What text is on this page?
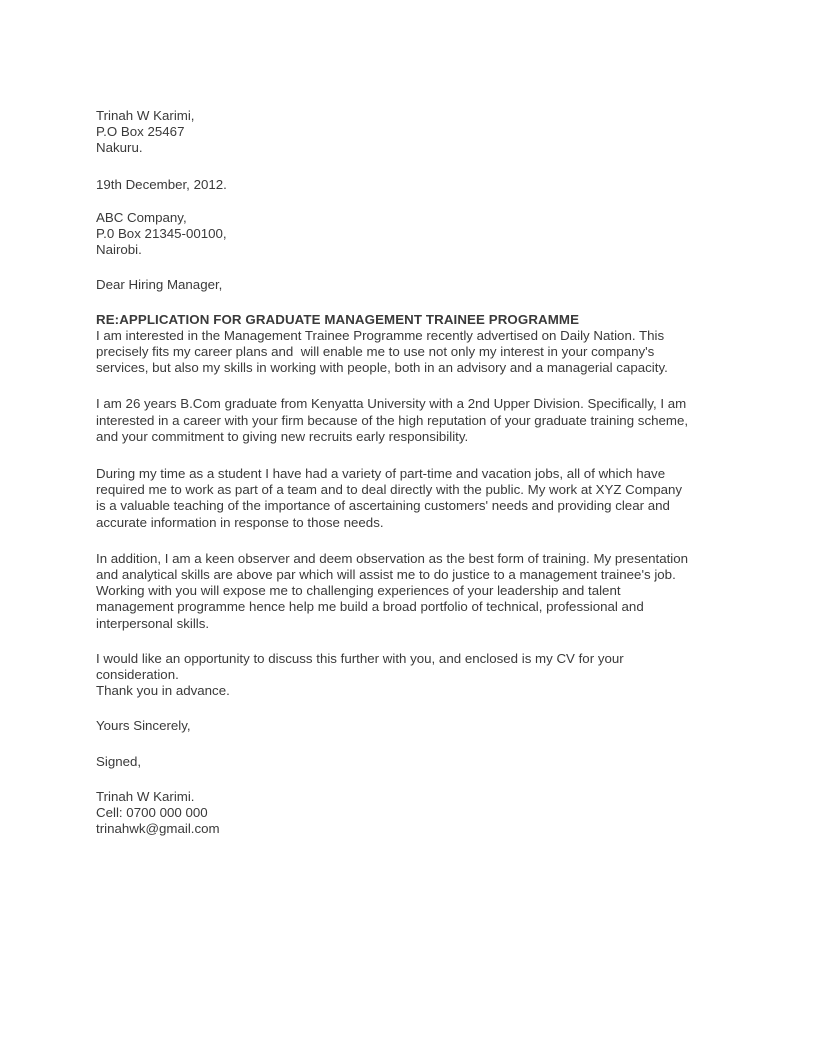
Trinah W Karimi,
P.O Box 25467
Nakuru.
19th December, 2012.
ABC Company,
P.0 Box 21345-00100,
Nairobi.
Dear Hiring Manager,
RE:APPLICATION FOR GRADUATE MANAGEMENT TRAINEE PROGRAMME
I am interested in the Management Trainee Programme recently advertised on Daily Nation. This
precisely fits my career plans and  will enable me to use not only my interest in your company's
services, but also my skills in working with people, both in an advisory and a managerial capacity.
I am 26 years B.Com graduate from Kenyatta University with a 2nd Upper Division. Specifically, I am
interested in a career with your firm because of the high reputation of your graduate training scheme,
and your commitment to giving new recruits early responsibility.
During my time as a student I have had a variety of part-time and vacation jobs, all of which have
required me to work as part of a team and to deal directly with the public. My work at XYZ Company
is a valuable teaching of the importance of ascertaining customers' needs and providing clear and
accurate information in response to those needs.
In addition, I am a keen observer and deem observation as the best form of training. My presentation
and analytical skills are above par which will assist me to do justice to a management trainee's job.
Working with you will expose me to challenging experiences of your leadership and talent
management programme hence help me build a broad portfolio of technical, professional and
interpersonal skills.
I would like an opportunity to discuss this further with you, and enclosed is my CV for your
consideration.
Thank you in advance.
Yours Sincerely,
Signed,
Trinah W Karimi.
Cell: 0700 000 000
trinahwk@gmail.com
